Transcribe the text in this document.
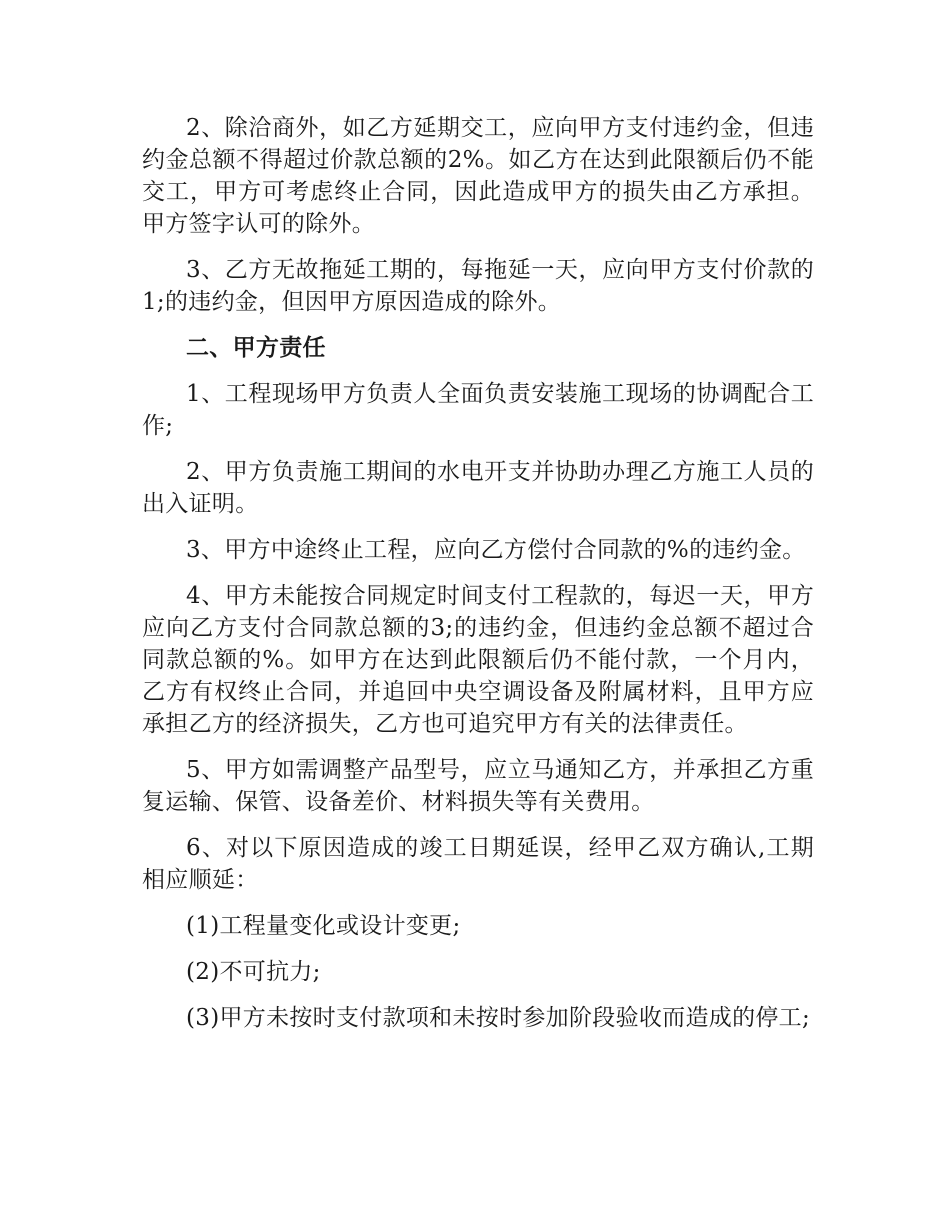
2、除洽商外，如乙方延期交工，应向甲方支付违约金，但违约金总额不得超过价款总额的2%。如乙方在达到此限额后仍不能交工，甲方可考虑终止合同，因此造成甲方的损失由乙方承担。甲方签字认可的除外。

3、乙方无故拖延工期的，每拖延一天，应向甲方支付价款的1;的违约金，但因甲方原因造成的除外。

二、甲方责任

1、工程现场甲方负责人全面负责安装施工现场的协调配合工作;

2、甲方负责施工期间的水电开支并协助办理乙方施工人员的出入证明。

3、甲方中途终止工程，应向乙方偿付合同款的%的违约金。

4、甲方未能按合同规定时间支付工程款的，每迟一天，甲方应向乙方支付合同款总额的3;的违约金，但违约金总额不超过合同款总额的%。如甲方在达到此限额后仍不能付款，一个月内，乙方有权终止合同，并追回中央空调设备及附属材料，且甲方应承担乙方的经济损失，乙方也可追究甲方有关的法律责任。

5、甲方如需调整产品型号，应立马通知乙方，并承担乙方重复运输、保管、设备差价、材料损失等有关费用。

6、对以下原因造成的竣工日期延误，经甲乙双方确认,工期相应顺延：

(1)工程量变化或设计变更;

(2)不可抗力;

(3)甲方未按时支付款项和未按时参加阶段验收而造成的停工;
